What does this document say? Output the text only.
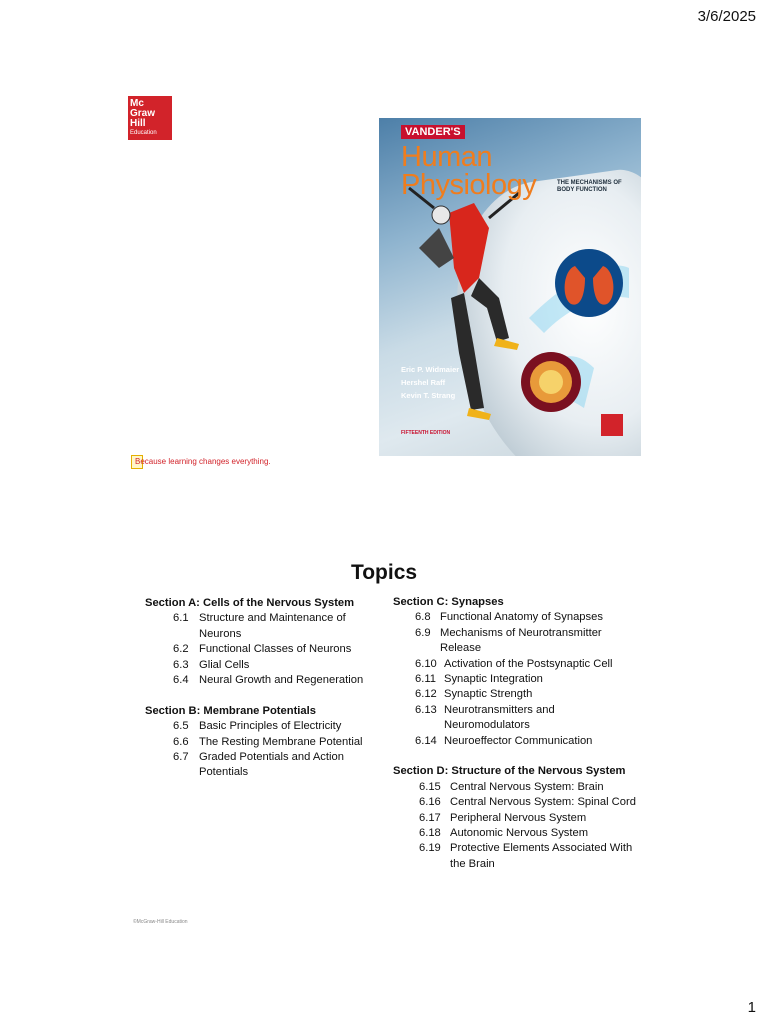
3/6/2025
Mc
Graw
Hill
Education	VANDER'S
Human
Physiology	THE MECHANISMS OF BODY FUNCTION
Eric P. Widmaier
Hershel Raff
Kevin T. Strang
FIFTEENTH EDITION
Because learning changes everything.
Topics
Section A: Cells of the Nervous System
6.1 Structure and Maintenance of Neurons
6.2 Functional Classes of Neurons
6.3 Glial Cells
6.4 Neural Growth and Regeneration
Section B: Membrane Potentials
6.5 Basic Principles of Electricity
6.6 The Resting Membrane Potential
6.7 Graded Potentials and Action Potentials
Section C: Synapses
6.8 Functional Anatomy of Synapses
6.9 Mechanisms of Neurotransmitter Release
6.10 Activation of the Postsynaptic Cell
6.11 Synaptic Integration
6.12 Synaptic Strength
6.13 Neurotransmitters and Neuromodulators
6.14 Neuroeffector Communication
Section D: Structure of the Nervous System
6.15 Central Nervous System: Brain
6.16 Central Nervous System: Spinal Cord
6.17 Peripheral Nervous System
6.18 Autonomic Nervous System
6.19 Protective Elements Associated With the Brain
©McGraw-Hill Education
1
